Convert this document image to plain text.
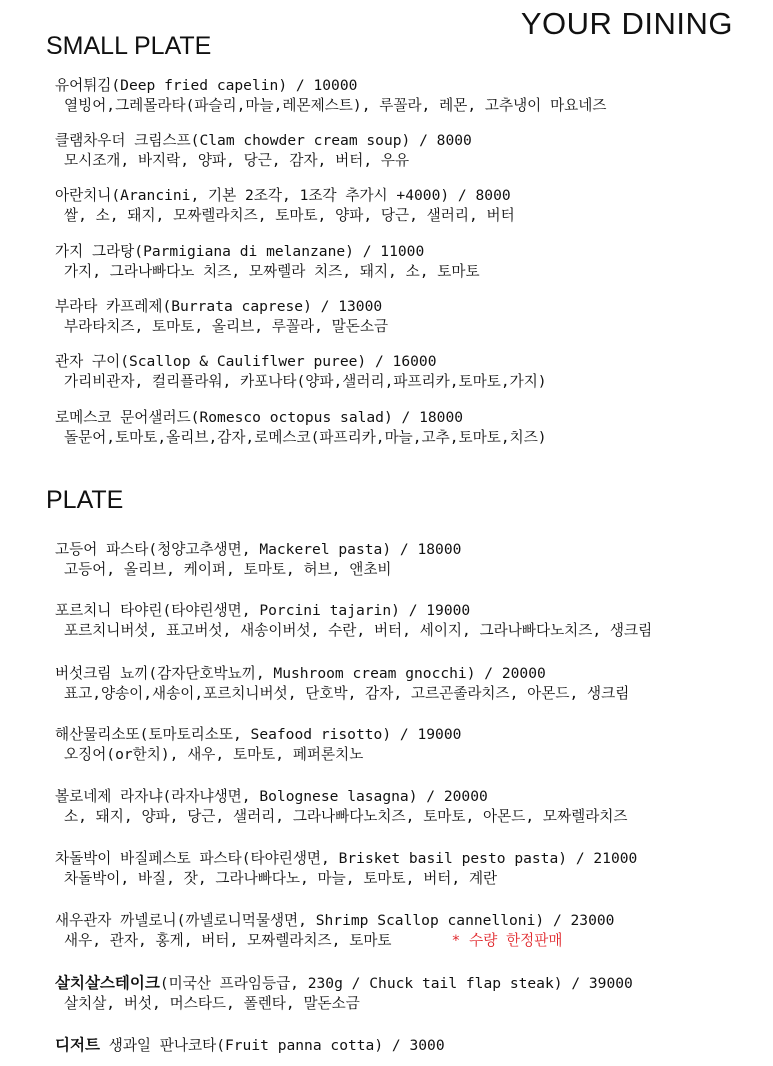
YOUR DINING
SMALL PLATE
유어튀김(Deep fried capelin) / 10000
열빙어,그레몰라타(파슬리,마늘,레몬제스트), 루꼴라, 레몬, 고추냉이 마요네즈
클램차우더 크림스프(Clam chowder cream soup) / 8000
모시조개, 바지락, 양파, 당근, 감자, 버터, 우유
아란치니(Arancini, 기본 2조각, 1조각 추가시 +4000) / 8000
쌀, 소, 돼지, 모짜렐라치즈, 토마토, 양파, 당근, 샐러리, 버터
가지 그라탕(Parmigiana di melanzane) / 11000
가지, 그라나빠다노 치즈, 모짜렐라 치즈, 돼지, 소, 토마토
부라타 카프레제(Burrata caprese) / 13000
부라타치즈, 토마토, 올리브, 루꼴라, 말돈소금
관자 구이(Scallop & Cauliflwer puree) / 16000
가리비관자, 컬리플라워, 카포나타(양파,샐러리,파프리카,토마토,가지)
로메스코 문어샐러드(Romesco octopus salad) / 18000
돌문어,토마토,올리브,감자,로메스코(파프리카,마늘,고추,토마토,치즈)
PLATE
고등어 파스타(청양고추생면, Mackerel pasta) / 18000
고등어, 올리브, 케이퍼, 토마토, 허브, 앤초비
포르치니 타야린(타야린생면, Porcini tajarin) / 19000
포르치니버섯, 표고버섯, 새송이버섯, 수란, 버터, 세이지, 그라나빠다노치즈, 생크림
버섯크림 뇨끼(감자단호박뇨끼, Mushroom cream gnocchi) / 20000
표고,양송이,새송이,포르치니버섯, 단호박, 감자, 고르곤졸라치즈, 아몬드, 생크림
해산물리소또(토마토리소또, Seafood risotto) / 19000
오징어(or한치), 새우, 토마토, 페퍼론치노
볼로네제 라자냐(라자냐생면, Bolognese lasagna) / 20000
소, 돼지, 양파, 당근, 샐러리, 그라나빠다노치즈, 토마토, 아몬드, 모짜렐라치즈
차돌박이 바질페스토 파스타(타야린생면, Brisket basil pesto pasta) / 21000
차돌박이, 바질, 잣, 그라나빠다노, 마늘, 토마토, 버터, 계란
새우관자 까넬로니(까넬로니먹물생면, Shrimp Scallop cannelloni) / 23000
새우, 관자, 홍게, 버터, 모짜렐라치즈, 토마토	* 수량 한정판매
살치살스테이크(미국산 프라임등급, 230g / Chuck tail flap steak) / 39000
살치살, 버섯, 머스타드, 폴렌타, 말돈소금
디저트 생과일 판나코타(Fruit panna cotta) / 3000
